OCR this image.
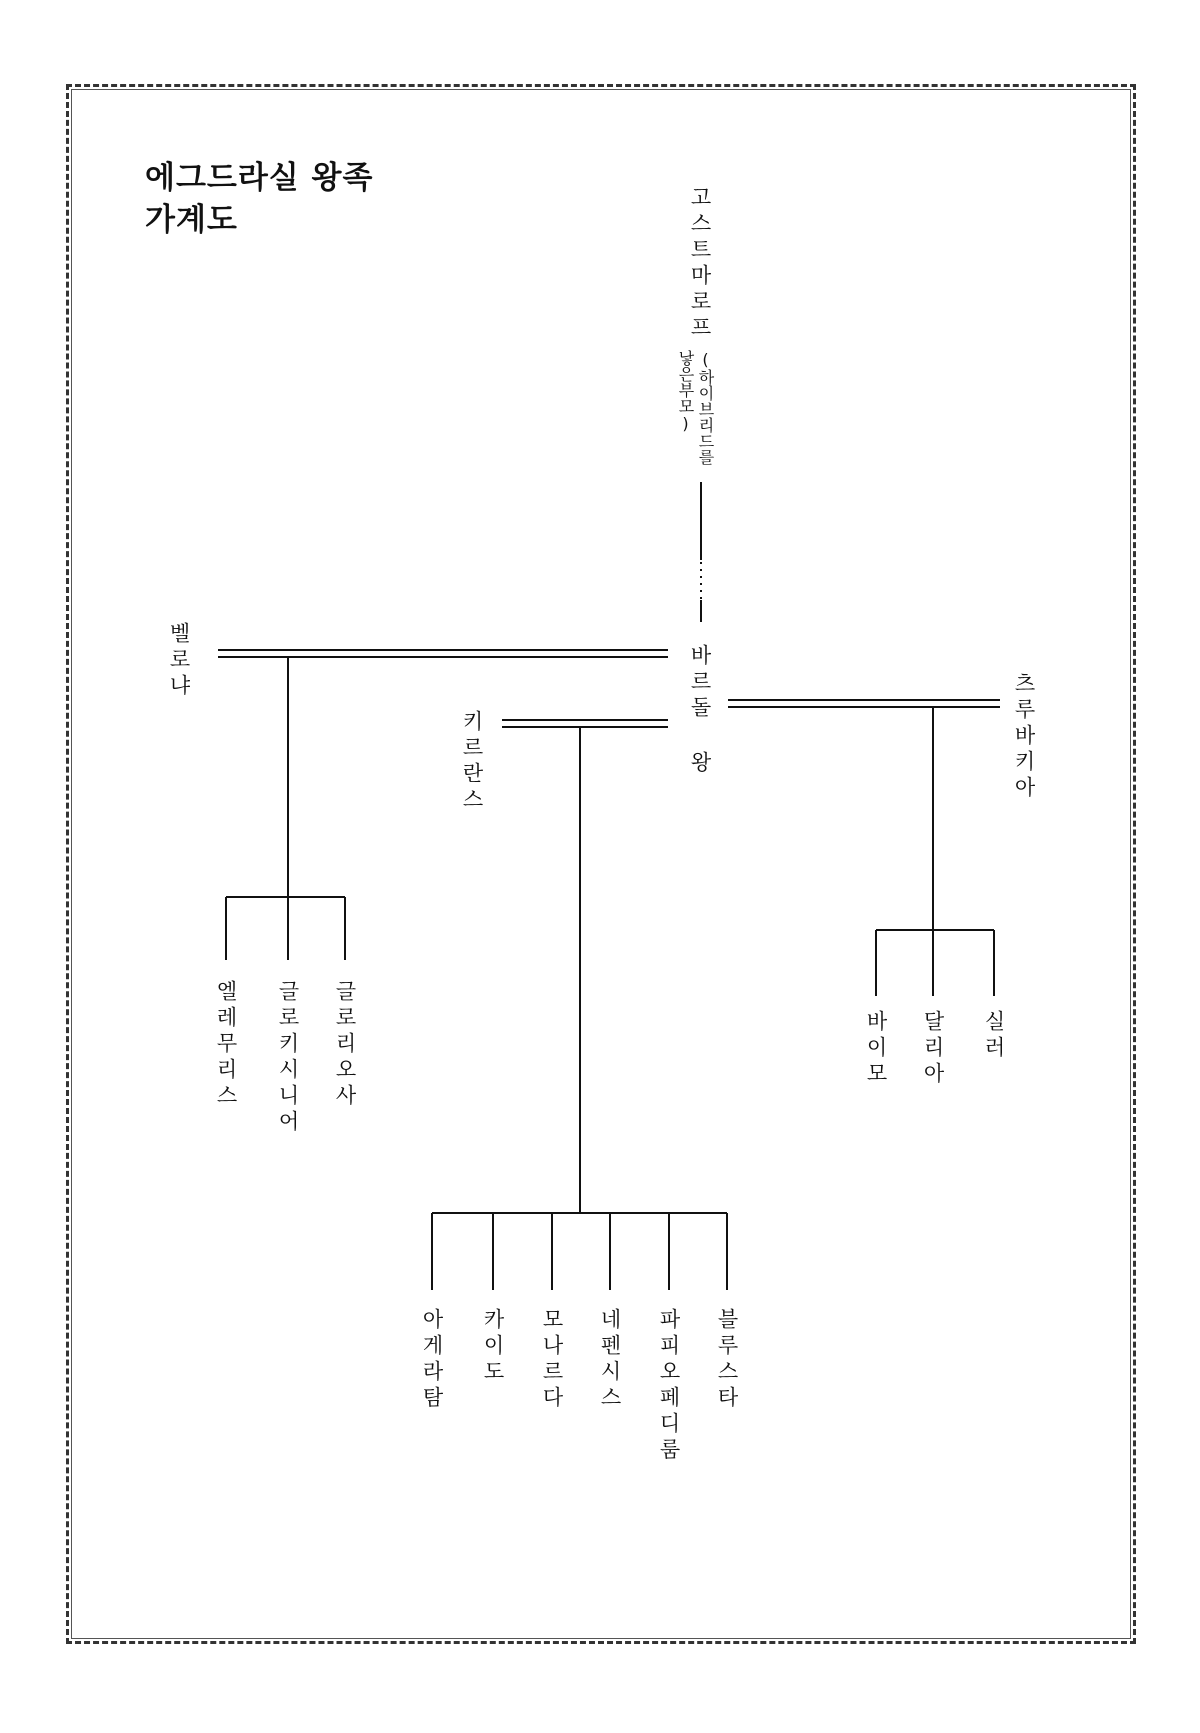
에그드라실 왕족
가계도	고스트마로프
(하이브리드를낳은부모)
바르돌 왕
벨로냐
키르란스	츠루바키아
엘레무리스 글로키시니어 글로리오사
아게라탐 카이도 모나르다 네펜시스 파피오페디룸 블루스타
바이모 달리아 실러
